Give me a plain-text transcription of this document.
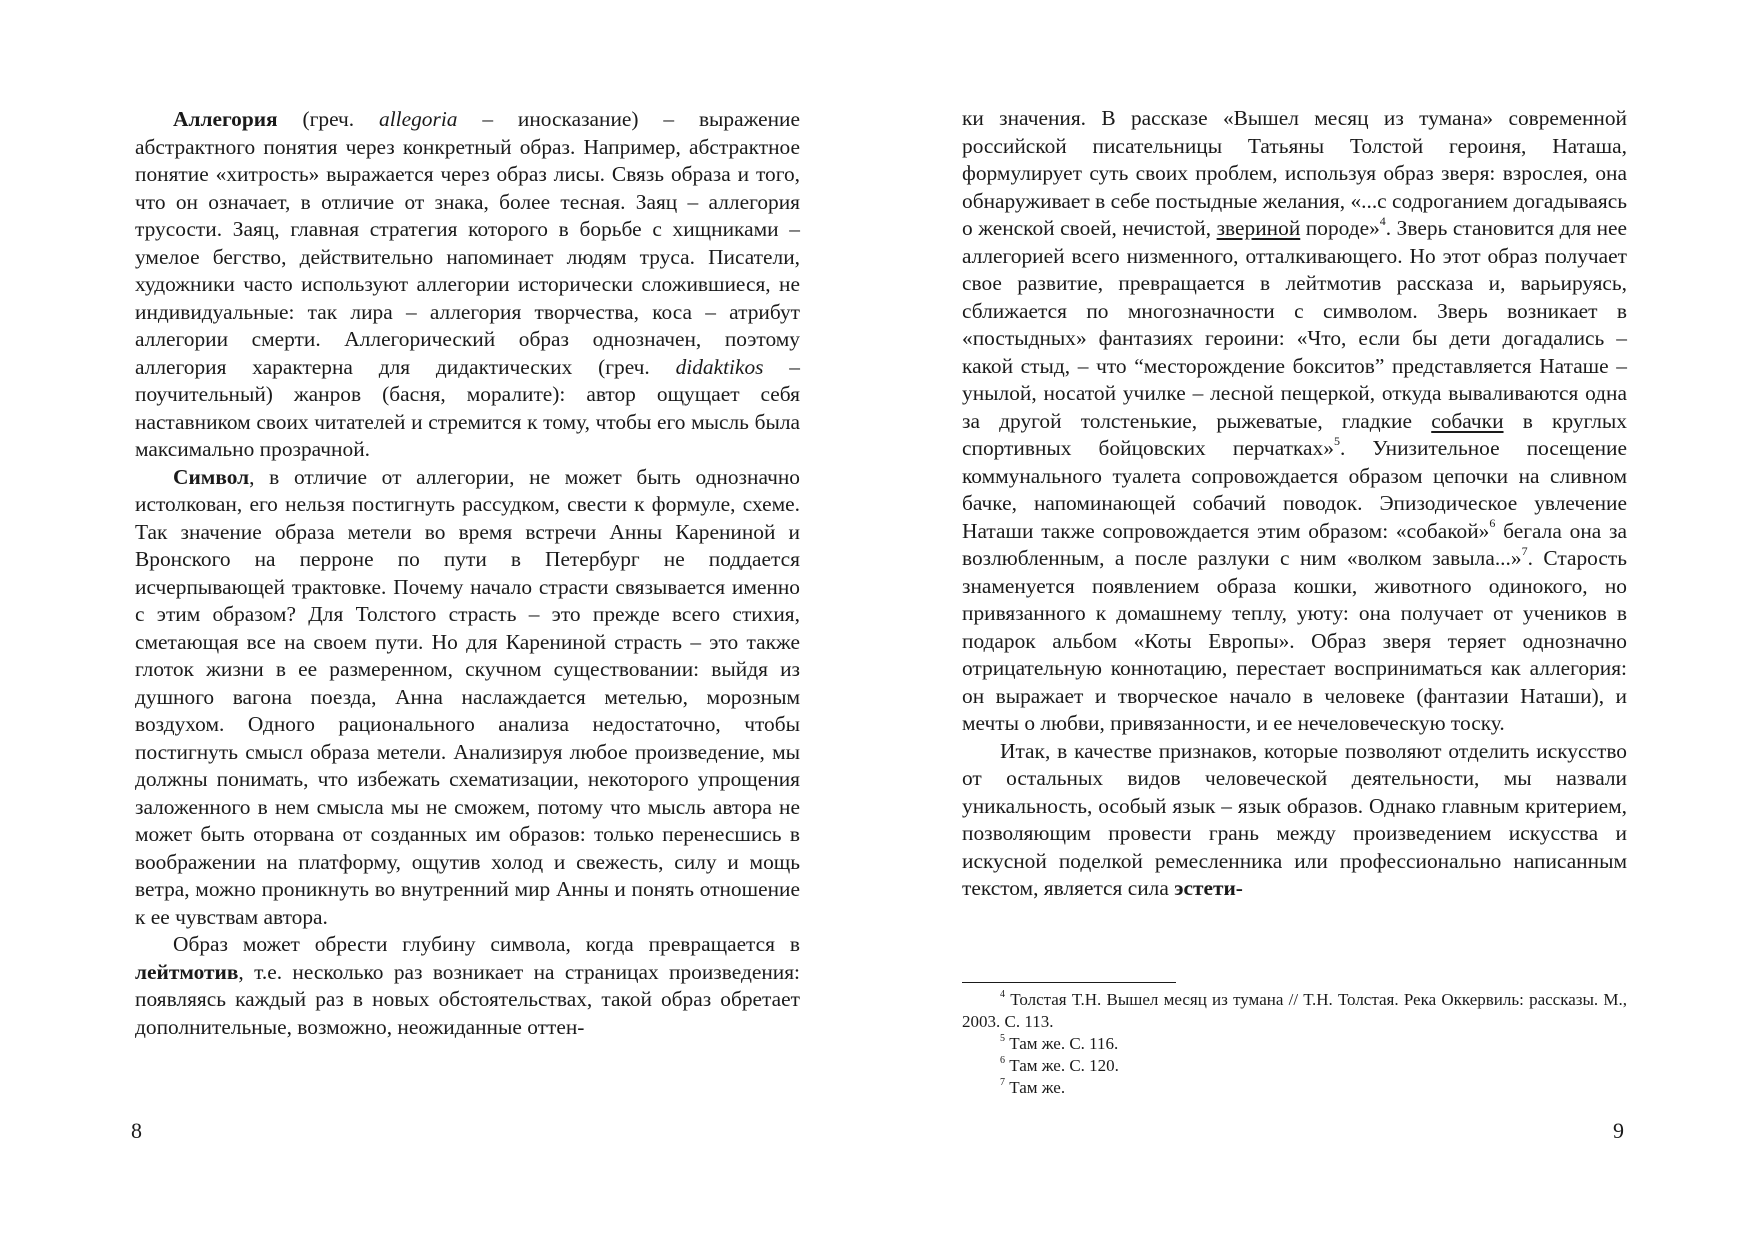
Аллегория (греч. allegoria – иносказание) – выражение абстрактного понятия через конкретный образ. Например, абстрактное понятие «хитрость» выражается через образ лисы. Связь образа и того, что он означает, в отличие от знака, более тесная. Заяц – аллегория трусости. Заяц, главная стратегия которого в борьбе с хищниками – умелое бегство, действительно напоминает людям труса. Писатели, художники часто используют аллегории исторически сложившиеся, не индивидуальные: так лира – аллегория творчества, коса – атрибут аллегории смерти. Аллегорический образ однозначен, поэтому аллегория характерна для дидактических (греч. didaktikos – поучительный) жанров (басня, моралите): автор ощущает себя наставником своих читателей и стремится к тому, чтобы его мысль была максимально прозрачной.

Символ, в отличие от аллегории, не может быть однозначно истолкован, его нельзя постигнуть рассудком, свести к формуле, схеме. Так значение образа метели во время встречи Анны Карениной и Вронского на перроне по пути в Петербург не поддается исчерпывающей трактовке. Почему начало страсти связывается именно с этим образом? Для Толстого страсть – это прежде всего стихия, сметающая все на своем пути. Но для Карениной страсть – это также глоток жизни в ее размеренном, скучном существовании: выйдя из душного вагона поезда, Анна наслаждается метелью, морозным воздухом. Одного рационального анализа недостаточно, чтобы постигнуть смысл образа метели. Анализируя любое произведение, мы должны понимать, что избежать схематизации, некоторого упрощения заложенного в нем смысла мы не сможем, потому что мысль автора не может быть оторвана от созданных им образов: только перенесшись в воображении на платформу, ощутив холод и свежесть, силу и мощь ветра, можно проникнуть во внутренний мир Анны и понять отношение к ее чувствам автора.

Образ может обрести глубину символа, когда превращается в лейтмотив, т.е. несколько раз возникает на страницах произведения: появляясь каждый раз в новых обстоятельствах, такой образ обретает дополнительные, возможно, неожиданные оттен-

8

ки значения. В рассказе «Вышел месяц из тумана» современной российской писательницы Татьяны Толстой героиня, Наташа, формулирует суть своих проблем, используя образ зверя: взрослея, она обнаруживает в себе постыдные желания, «...с содроганием догадываясь о женской своей, нечистой, звериной породе»$^4$. Зверь становится для нее аллегорией всего низменного, отталкивающего. Но этот образ получает свое развитие, превращается в лейтмотив рассказа и, варьируясь, сближается по многозначности с символом. Зверь возникает в «постыдных» фантазиях героини: «Что, если бы дети догадались – какой стыд, – что “месторождение бокситов” представляется Наташе – унылой, носатой училке – лесной пещеркой, откуда вываливаются одна за другой толстенькие, рыжеватые, гладкие собачки в круглых спортивных бойцовских перчатках»$^5$. Унизительное посещение коммунального туалета сопровождается образом цепочки на сливном бачке, напоминающей собачий поводок. Эпизодическое увлечение Наташи также сопровождается этим образом: «собакой»$^6$ бегала она за возлюбленным, а после разлуки с ним «волком завыла...»$^7$. Старость знаменуется появлением образа кошки, животного одинокого, но привязанного к домашнему теплу, уюту: она получает от учеников в подарок альбом «Коты Европы». Образ зверя теряет однозначно отрицательную коннотацию, перестает восприниматься как аллегория: он выражает и творческое начало в человеке (фантазии Наташи), и мечты о любви, привязанности, и ее нечеловеческую тоску.

Итак, в качестве признаков, которые позволяют отделить искусство от остальных видов человеческой деятельности, мы назвали уникальность, особый язык – язык образов. Однако главным критерием, позволяющим провести грань между произведением искусства и искусной поделкой ремесленника или профессионально написанным текстом, является сила эстети-

$^4$ Толстая Т.Н. Вышел месяц из тумана // Т.Н. Толстая. Река Оккервиль: рассказы. М., 2003. С. 113.

$^5$ Там же. С. 116.

$^6$ Там же. С. 120.

$^7$ Там же.

9
